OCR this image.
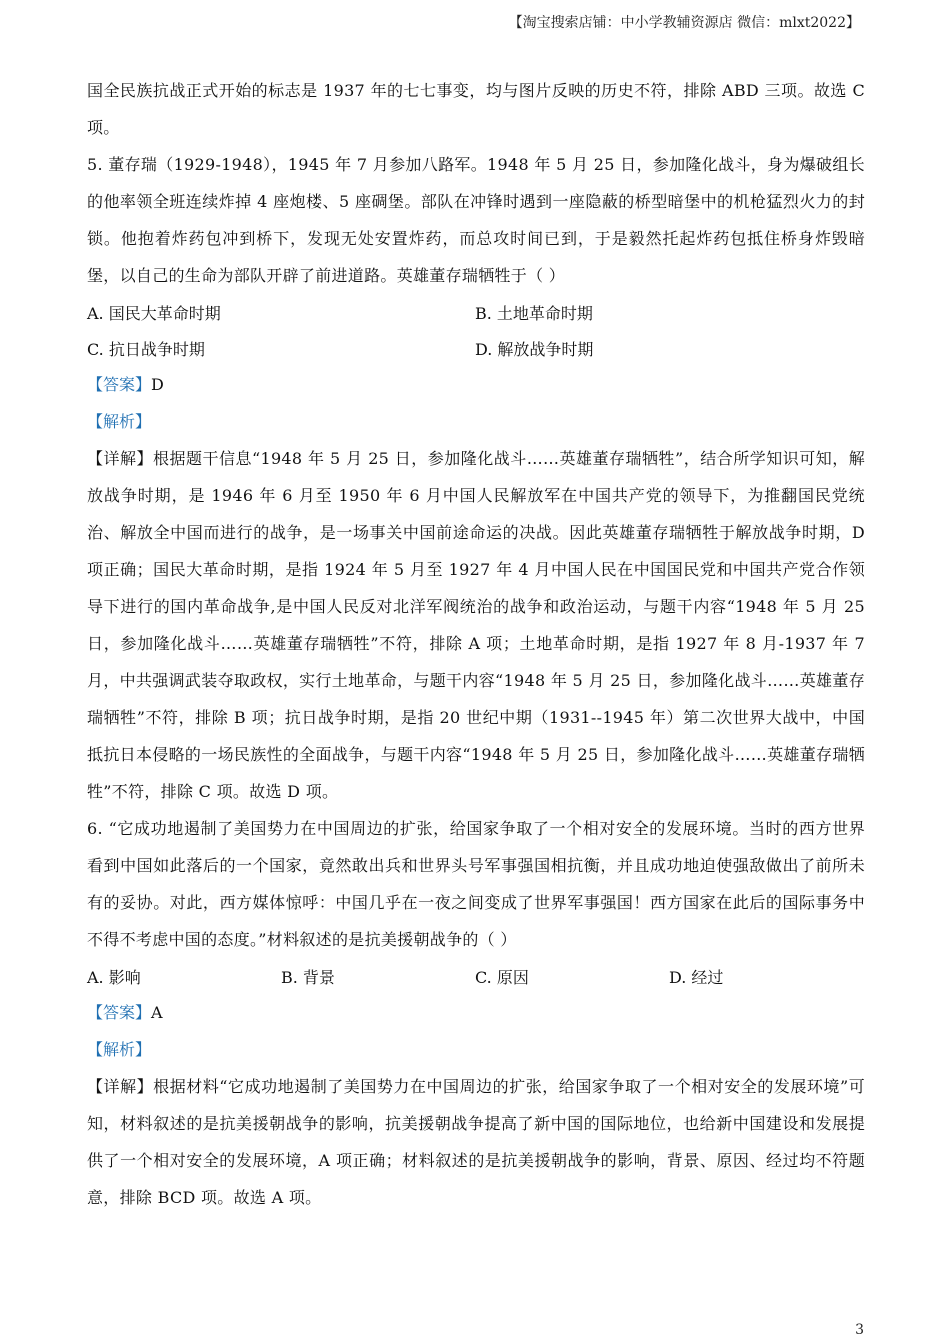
【淘宝搜索店铺：中小学教辅资源店 微信：mlxt2022】

国全民族抗战正式开始的标志是 1937 年的七七事变，均与图片反映的历史不符，排除 ABD 三项。故选 C 项。

5. 董存瑞（1929-1948），1945 年 7 月参加八路军。1948 年 5 月 25 日，参加隆化战斗，身为爆破组长的他率领全班连续炸掉 4 座炮楼、5 座碉堡。部队在冲锋时遇到一座隐蔽的桥型暗堡中的机枪猛烈火力的封锁。他抱着炸药包冲到桥下，发现无处安置炸药，而总攻时间已到，于是毅然托起炸药包抵住桥身炸毁暗堡，以自己的生命为部队开辟了前进道路。英雄董存瑞牺牲于（ ）

A. 国民大革命时期	B. 土地革命时期
C. 抗日战争时期	D. 解放战争时期

【答案】D

【解析】

【详解】根据题干信息“1948 年 5 月 25 日，参加隆化战斗……英雄董存瑞牺牲”，结合所学知识可知，解放战争时期，是 1946 年 6 月至 1950 年 6 月中国人民解放军在中国共产党的领导下，为推翻国民党统治、解放全中国而进行的战争，是一场事关中国前途命运的决战。因此英雄董存瑞牺牲于解放战争时期，D 项正确；国民大革命时期，是指 1924 年 5 月至 1927 年 4 月中国人民在中国国民党和中国共产党合作领导下进行的国内革命战争,是中国人民反对北洋军阀统治的战争和政治运动，与题干内容“1948 年 5 月 25 日，参加隆化战斗……英雄董存瑞牺牲”不符，排除 A 项；土地革命时期，是指 1927 年 8 月-1937 年 7 月，中共强调武装夺取政权，实行土地革命，与题干内容“1948 年 5 月 25 日，参加隆化战斗……英雄董存瑞牺牲”不符，排除 B 项；抗日战争时期，是指 20 世纪中期（1931--1945 年）第二次世界大战中，中国抵抗日本侵略的一场民族性的全面战争，与题干内容“1948 年 5 月 25 日，参加隆化战斗……英雄董存瑞牺牲”不符，排除 C 项。故选 D 项。

6. “它成功地遏制了美国势力在中国周边的扩张，给国家争取了一个相对安全的发展环境。当时的西方世界看到中国如此落后的一个国家，竟然敢出兵和世界头号军事强国相抗衡，并且成功地迫使强敌做出了前所未有的妥协。对此，西方媒体惊呼：中国几乎在一夜之间变成了世界军事强国！西方国家在此后的国际事务中不得不考虑中国的态度。”材料叙述的是抗美援朝战争的（ ）

A. 影响	B. 背景	C. 原因	D. 经过

【答案】A

【解析】

【详解】根据材料“它成功地遏制了美国势力在中国周边的扩张，给国家争取了一个相对安全的发展环境”可知，材料叙述的是抗美援朝战争的影响，抗美援朝战争提高了新中国的国际地位，也给新中国建设和发展提供了一个相对安全的发展环境，A 项正确；材料叙述的是抗美援朝战争的影响，背景、原因、经过均不符题意，排除 BCD 项。故选 A 项。

3
